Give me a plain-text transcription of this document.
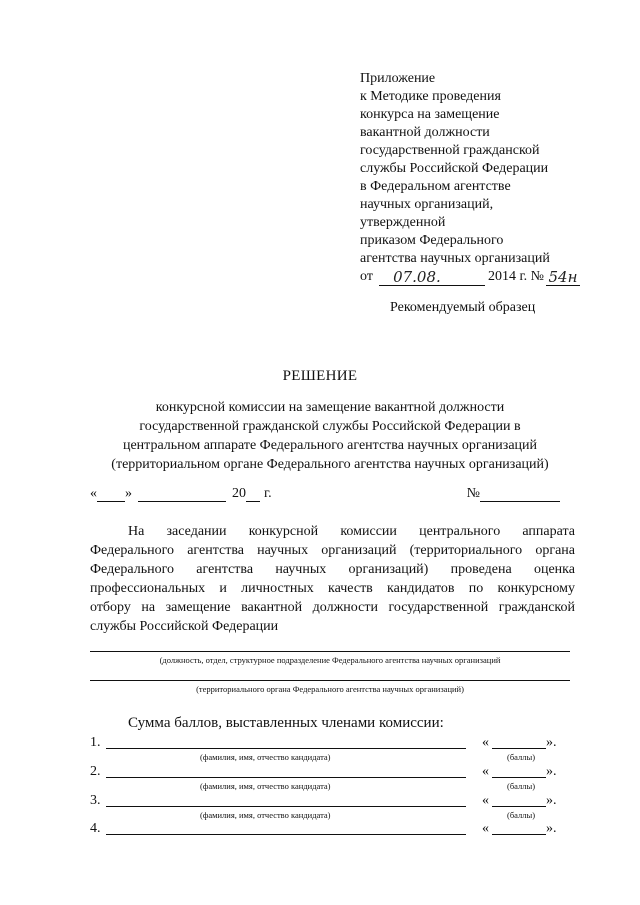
Приложение
к Методике проведения
конкурса на замещение
вакантной должности
государственной гражданской
службы Российской Федерации
в Федеральном агентстве
научных организаций,
утвержденной
приказом Федерального
агентства научных организаций
от	07.08.	2014 г. № 54н
Рекомендуемый образец
РЕШЕНИЕ
конкурсной комиссии на замещение вакантной должности
государственной гражданской службы Российской Федерации в
центральном аппарате Федерального агентства научных организаций
(территориальном органе Федерального агентства научных организаций)
« »	20 г.	№
На заседании конкурсной комиссии центрального аппарата
Федерального агентства научных организаций (территориального органа
Федерального агентства научных организаций) проведена оценка
профессиональных и личностных качеств кандидатов по конкурсному
отбору на замещение вакантной должности государственной гражданской
службы Российской Федерации
(должность, отдел, структурное подразделение Федерального агентства научных организаций
(территориального органа Федерального агентства научных организаций)
Сумма баллов, выставленных членами комиссии:
1.	«	».
(фамилия, имя, отчество кандидата)	(баллы)
2.	«	».
(фамилия, имя, отчество кандидата)	(баллы)
3.	«	».
(фамилия, имя, отчество кандидата)	(баллы)
4.	«	».
